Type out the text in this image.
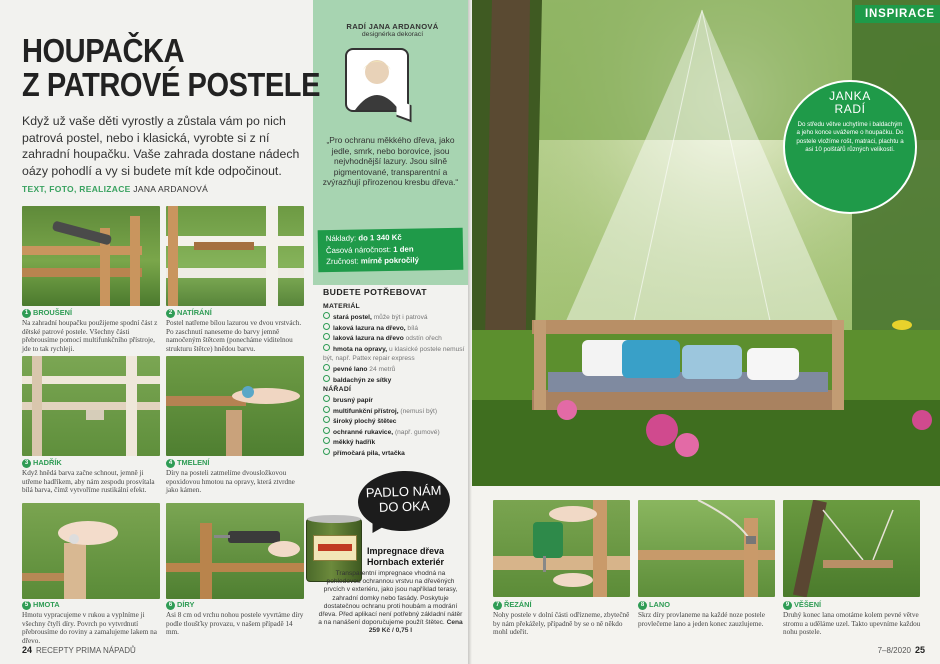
HOUPAČKA
Z PATROVÉ POSTELE

Když už vaše děti vyrostly a zůstala vám po nich patrová postel, nebo i klasická, vyrobte si z ní zahradní houpačku. Vaše zahrada dostane nádech oázy pohodlí a vy si budete mít kde odpočinout.

TEXT, FOTO, REALIZACE JANA ARDANOVÁ
1 BROUŠENÍ
Na zahradní houpačku použijeme spodní část z dětské patrové postele. Všechny části přebrousíme pomocí multifunkčního přístroje, jde to tak rychleji.
2 NATÍRÁNÍ
Postel natřeme bílou lazurou ve dvou vrstvách. Po zaschnutí naneseme do barvy jemně namočeným štětcem (ponecháme viditelnou strukturu štětce) hnědou barvu.
3 HADŘÍK
Když hnědá barva začne schnout, jemně ji utřeme hadříkem, aby nám zespodu prosvítala bílá barva, čímž vytvoříme rustikální efekt.
4 TMELENÍ
Díry na posteli zatmelíme dvousložkovou epoxidovou hmotou na opravy, která ztvrdne jako kámen.
5 HMOTA
Hmotu vypracujeme v rukou a vyplníme ji všechny čtyři díry. Povrch po vytvrdnutí přebrousíme do roviny a zamalujeme lakem na dřevo.
6 DÍRY
Asi 8 cm od vrchu nohou postele vyvrtáme díry podle tloušťky provazu, v našem případě 14 mm.
24 RECEPTY PRIMA NÁPADŮ
RADÍ JANA ARDANOVÁ
designérka dekorací

„Pro ochranu měkkého dřeva, jako jedle, smrk, nebo borovice, jsou nejvhodnější lazury. Jsou silně pigmentované, transparentní a zvýrazňují přirozenou kresbu dřeva.“

Náklady: do 1 340 Kč
Časová náročnost: 1 den
Zručnost: mírně pokročilý
BUDETE POTŘEBOVAT
MATERIÁL
stará postel, může být i patrová
laková lazura na dřevo, bílá
laková lazura na dřevo odstín ořech
hmota na opravy, u klasické postele nemusí být, např. Pattex repair express
pevné lano 24 metrů
baldachýn ze sítky
NÁŘADÍ
brusný papír
multifunkční přístroj, (nemusí být)
široký plochý štětec
ochranné rukavice, (např. gumové)
měkký hadřík
přímočará pila, vrtačka
PADLO NÁM
DO OKA
Impregnace dřeva Hornbach exteriér

Transparentní impregnace vhodná na pohledovou ochrannou vrstvu na dřevěných prvcích v exteriéru, jako jsou například terasy, zahradní domky nebo fasády. Poskytuje dostatečnou ochranu proti houbám a modrání dřeva. Před aplikací není potřebný základní nátěr a na nanášení doporučujeme použít štětec. Cena 259 Kč / 0,75 l

INSPIRACE
JANKA
RADÍ
Do středu větve uchytíme i baldachým a jeho konce uvážeme o houpačku. Do postele vložíme rošt, matraci, plachtu a asi 10 polštářů různých velikostí.
7 ŘEZÁNÍ
Nohy postele v dolní části odřízneme, zbytečně by nám překážely, případně by se o ně někdo mohl udeřit.
8 LANO
Skrz díry provlaneme na každé noze postele provlečeme lano a jeden konec zauzlujeme.
9 VĚŠENÍ
Druhý konec lana omotáme kolem pevné větve stromu a uděláme uzel. Takto upevníme každou nohu postele.
7–8/2020 25
